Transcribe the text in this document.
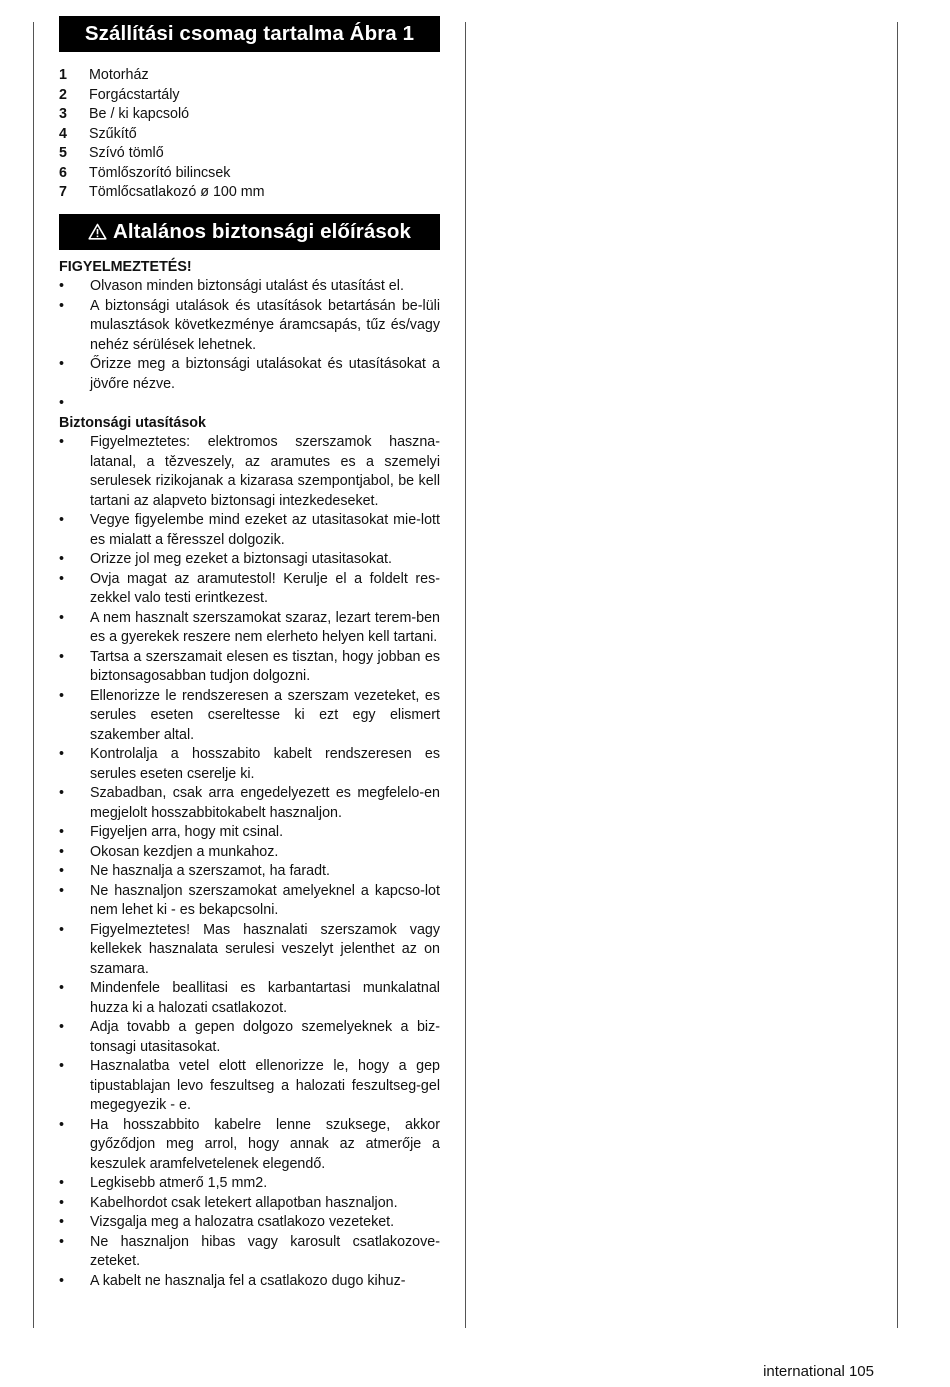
Szállítási csomag tartalma Ábra 1
1	Motorház
2	Forgácstartály
3	Be / ki kapcsoló
4	Szűkítő
5	Szívó tömlő
6	Tömlőszorító bilincsek
7	Tömlőcsatlakozó ø 100 mm
Altalános biztonsági előírások
FIGYELMEZTETÉS!
•	Olvason minden biztonsági utalást és utasítást el.
•	A biztonsági utalások és utasítások betartásán be-lüli mulasztások következménye áramcsapás, tűz és/vagy nehéz sérülések lehetnek.
•	Őrizze meg a biztonsági utalásokat és utasításokat a jövőre nézve.
•
Biztonsági utasítások
•	Figyelmeztetes: elektromos szerszamok haszna-latanal, a tězveszely, az aramutes es a szemelyi serulesek rizikojanak a kizarasa szempontjabol, be kell tartani az alapveto biztonsagi intezkedeseket.
•	Vegye figyelembe mind ezeket az utasitasokat mie-lott es mialatt a fěresszel dolgozik.
•	Orizze jol meg ezeket a biztonsagi utasitasokat.
•	Ovja magat az aramutestol! Kerulje el a foldelt res-zekkel valo testi erintkezest.
•	A nem hasznalt szerszamokat szaraz, lezart terem-ben es a gyerekek reszere nem elerheto helyen kell tartani.
•	Tartsa a szerszamait elesen es tisztan, hogy jobban es biztonsagosabban tudjon dolgozni.
•	Ellenorizze le rendszeresen a szerszam vezeteket, es serules eseten csereltesse ki ezt egy elismert szakember altal.
•	Kontrolalja a hosszabito kabelt rendszeresen es serules eseten cserelje ki.
•	Szabadban, csak arra engedelyezett es megfelelo-en megjelolt hosszabbitokabelt hasznaljon.
•	Figyeljen arra, hogy mit csinal.
•	Okosan kezdjen a munkahoz.
•	Ne hasznalja a szerszamot, ha faradt.
•	Ne hasznaljon szerszamokat amelyeknel a kapcso-lot nem lehet ki - es bekapcsolni.
•	Figyelmeztetes! Mas hasznalati szerszamok vagy kellekek hasznalata serulesi veszelyt jelenthet az on szamara.
•	Mindenfele beallitasi es karbantartasi munkalatnal huzza ki a halozati csatlakozot.
•	Adja tovabb a gepen dolgozo szemelyeknek a biz-tonsagi utasitasokat.
•	Hasznalatba vetel elott ellenorizze le, hogy a gep tipustablajan levo feszultseg a halozati feszultseg-gel megegyezik - e.
•	Ha hosszabbito kabelre lenne szuksege, akkor győződjon meg arrol, hogy annak az atmerője a keszulek aramfelvetelenek elegendő.
•	Legkisebb atmerő 1,5 mm2.
•	Kabelhordot csak letekert allapotban hasznaljon.
•	Vizsgalja meg a halozatra csatlakozo vezeteket.
•	Ne hasznaljon hibas vagy karosult csatlakozove-zeteket.
•	A kabelt ne hasznalja fel a csatlakozo dugo kihuz-
international 105
